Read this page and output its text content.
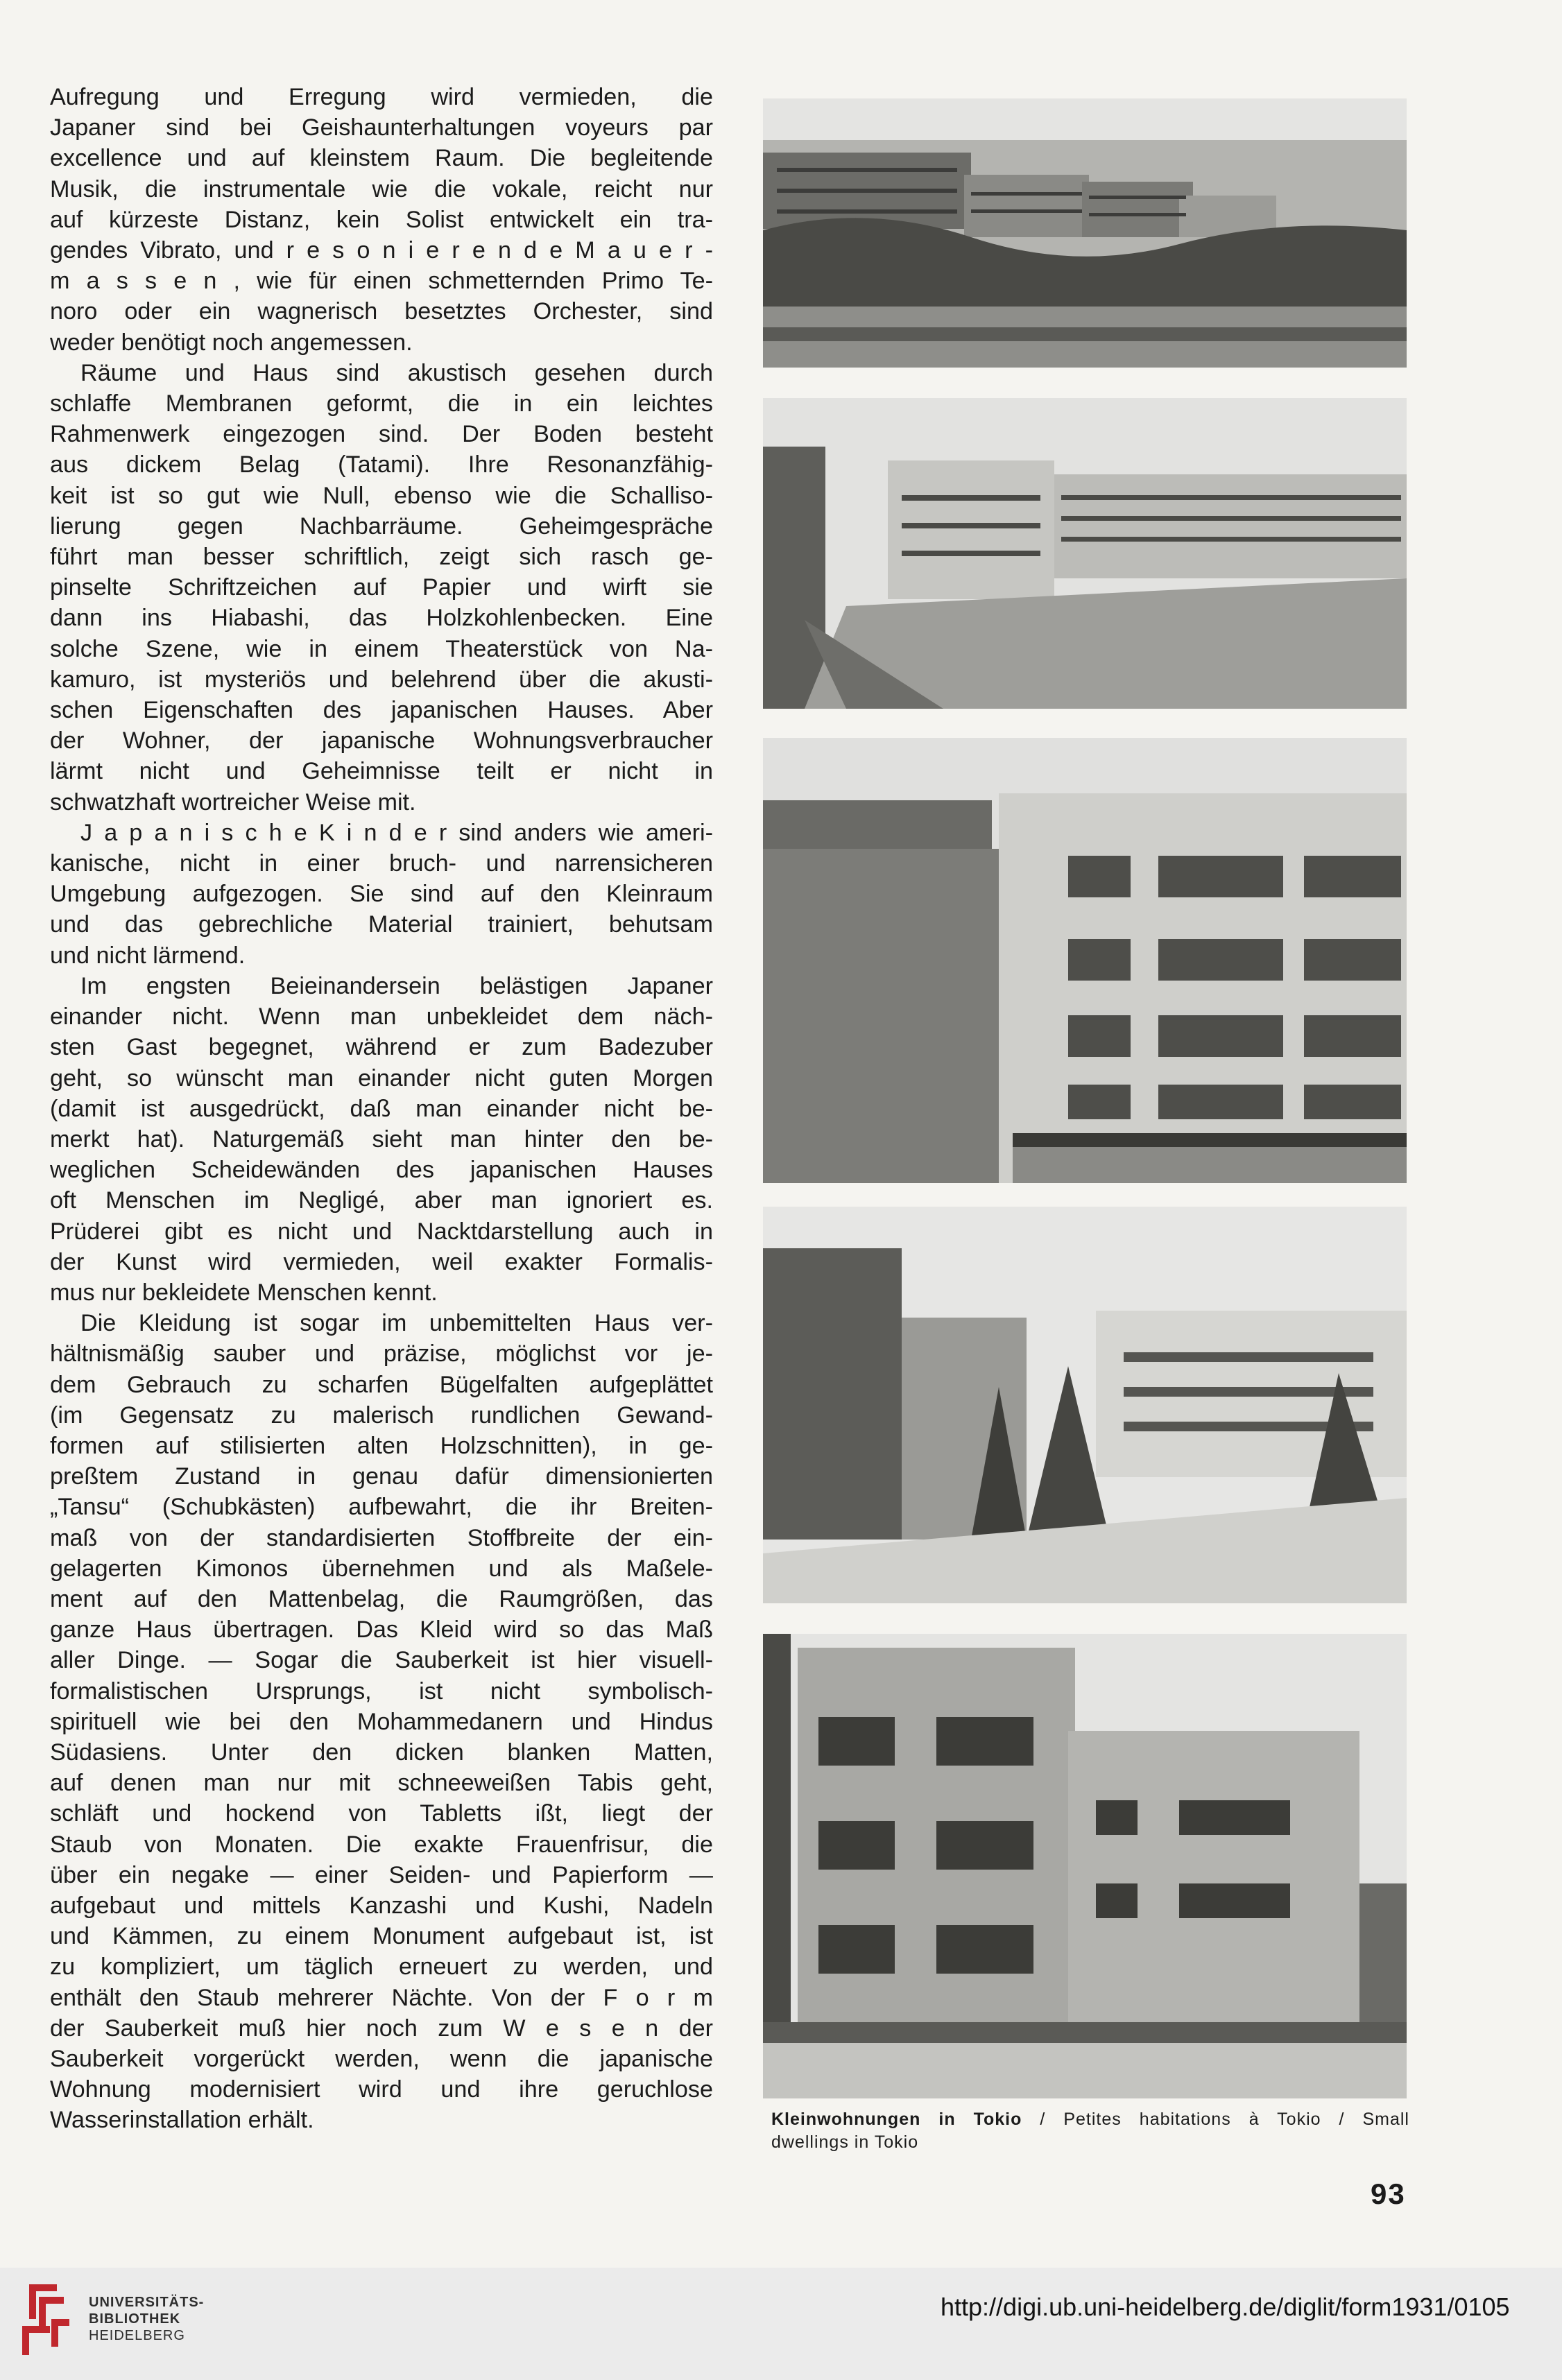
Aufregung und Erregung wird vermieden, die

Japaner sind bei Geishaunterhaltungen voyeurs par

excellence und auf kleinstem Raum. Die begleitende

Musik, die instrumentale wie die vokale, reicht nur

auf kürzeste Distanz, kein Solist entwickelt ein tra-

gendes Vibrato, und r e s o n i e r e n d e M a u e r -

m a s s e n , wie für einen schmetternden Primo Te-

noro oder ein wagnerisch besetztes Orchester, sind

weder benötigt noch angemessen.

Räume und Haus sind akustisch gesehen durch

schlaffe Membranen geformt, die in ein leichtes

Rahmenwerk eingezogen sind. Der Boden besteht

aus dickem Belag (Tatami). Ihre Resonanzfähig-

keit ist so gut wie Null, ebenso wie die Schalliso-

lierung gegen Nachbarräume. Geheimgespräche

führt man besser schriftlich, zeigt sich rasch ge-

pinselte Schriftzeichen auf Papier und wirft sie

dann ins Hiabashi, das Holzkohlenbecken. Eine

solche Szene, wie in einem Theaterstück von Na-

kamuro, ist mysteriös und belehrend über die akusti-

schen Eigenschaften des japanischen Hauses. Aber

der Wohner, der japanische Wohnungsverbraucher

lärmt nicht und Geheimnisse teilt er nicht in

schwatzhaft wortreicher Weise mit.

J a p a n i s c h e K i n d e r sind anders wie ameri-

kanische, nicht in einer bruch- und narrensicheren

Umgebung aufgezogen. Sie sind auf den Kleinraum

und das gebrechliche Material trainiert, behutsam

und nicht lärmend.

Im engsten Beieinandersein belästigen Japaner

einander nicht. Wenn man unbekleidet dem näch-

sten Gast begegnet, während er zum Badezuber

geht, so wünscht man einander nicht guten Morgen

(damit ist ausgedrückt, daß man einander nicht be-

merkt hat). Naturgemäß sieht man hinter den be-

weglichen Scheidewänden des japanischen Hauses

oft Menschen im Negligé, aber man ignoriert es.

Prüderei gibt es nicht und Nacktdarstellung auch in

der Kunst wird vermieden, weil exakter Formalis-

mus nur bekleidete Menschen kennt.

Die Kleidung ist sogar im unbemittelten Haus ver-

hältnismäßig sauber und präzise, möglichst vor je-

dem Gebrauch zu scharfen Bügelfalten aufgeplättet

(im Gegensatz zu malerisch rundlichen Gewand-

formen auf stilisierten alten Holzschnitten), in ge-

preßtem Zustand in genau dafür dimensionierten

„Tansu“ (Schubkästen) aufbewahrt, die ihr Breiten-

maß von der standardisierten Stoffbreite der ein-

gelagerten Kimonos übernehmen und als Maßele-

ment auf den Mattenbelag, die Raumgrößen, das

ganze Haus übertragen. Das Kleid wird so das Maß

aller Dinge. — Sogar die Sauberkeit ist hier visuell-

formalistischen Ursprungs, ist nicht symbolisch-

spirituell wie bei den Mohammedanern und Hindus

Südasiens. Unter den dicken blanken Matten,

auf denen man nur mit schneeweißen Tabis geht,

schläft und hockend von Tabletts ißt, liegt der

Staub von Monaten. Die exakte Frauenfrisur, die

über ein negake — einer Seiden- und Papierform —

aufgebaut und mittels Kanzashi und Kushi, Nadeln

und Kämmen, zu einem Monument aufgebaut ist, ist

zu kompliziert, um täglich erneuert zu werden, und

enthält den Staub mehrerer Nächte. Von der F o r m

der Sauberkeit muß hier noch zum W e s e n der

Sauberkeit vorgerückt werden, wenn die japanische

Wohnung modernisiert wird und ihre geruchlose

Wasserinstallation erhält.	Kleinwohnungen in Tokio / Petites habitations à Tokio / Small
dwellings in Tokio
93
UNIVERSITÄTS-
BIBLIOTHEK
HEIDELBERG
http://digi.ub.uni-heidelberg.de/diglit/form1931/0105
